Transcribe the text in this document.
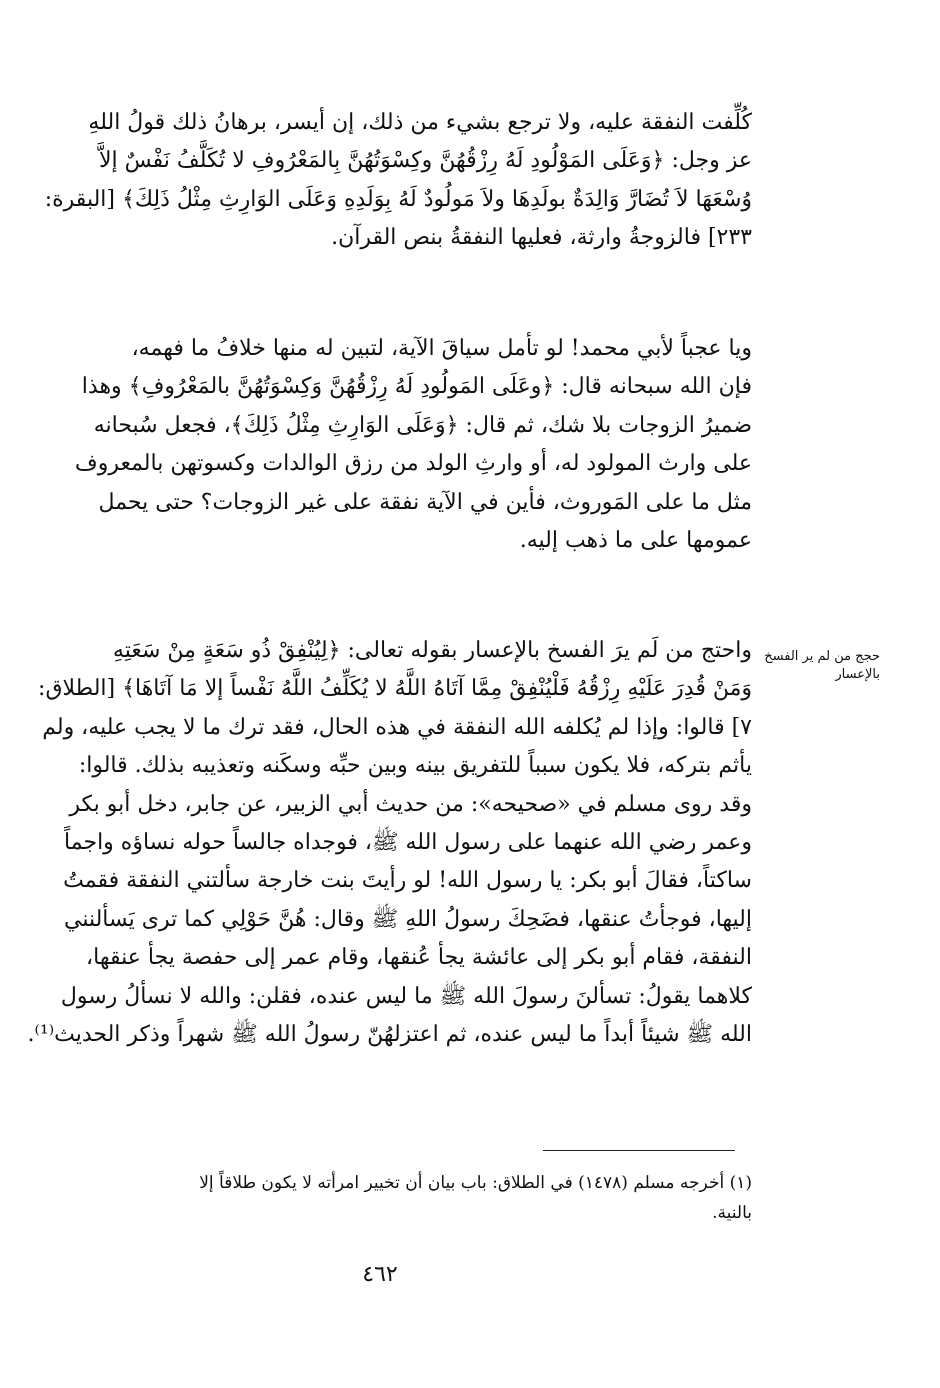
كُلِّفت النفقة عليه، ولا ترجع بشيء من ذلك، إن أيسر، برهانُ ذلك قولُ اللهِ
عز وجل: ﴿وَعَلَى المَوْلُودِ لَهُ رِزْقُهُنَّ وكِسْوَتُهُنَّ بِالمَعْرُوفِ لا تُكَلَّفُ نَفْسٌ إلاَّ
وُسْعَهَا لاَ تُضَارَّ وَالِدَةٌ بولَدِهَا ولاَ مَولُودٌ لَهُ بِوَلَدِهِ وَعَلَى الوَارِثِ مِثْلُ ذَلِكَ﴾ [البقرة:
٢٣٣] فالزوجةُ وارثة، فعليها النفقةُ بنص القرآن.
ويا عجباً لأبي محمد! لو تأمل سياقَ الآية، لتبين له منها خلافُ ما فهمه،
فإن الله سبحانه قال: ﴿وعَلَى المَولُودِ لَهُ رِزْقُهُنَّ وَكِسْوَتُهُنَّ بالمَعْرُوفِ﴾ وهذا
ضميرُ الزوجات بلا شك، ثم قال: ﴿وَعَلَى الوَارِثِ مِثْلُ ذَلِكَ﴾، فجعل سُبحانه
على وارث المولود له، أو وارثِ الولد من رزق الوالدات وكسوتهن بالمعروف
مثل ما على المَوروث، فأين في الآية نفقة على غير الزوجات؟ حتى يحمل
عمومها على ما ذهب إليه.
واحتج من لَم يرَ الفسخ بالإعسار بقوله تعالى: ﴿لِيُنْفِقْ ذُو سَعَةٍ مِنْ سَعَتِهِ
وَمَنْ قُدِرَ عَلَيْهِ رِزْقُهُ فَلْيُنْفِقْ مِمَّا آتَاهُ اللَّهُ لا يُكَلِّفُ اللَّهُ نَفْساً إلا مَا آتَاهَا﴾ [الطلاق:
٧] قالوا: وإذا لم يُكلفه الله النفقة في هذه الحال، فقد ترك ما لا يجب عليه، ولم
يأثم بتركه، فلا يكون سبباً للتفريق بينه وبين حبِّه وسكَنه وتعذيبه بذلك. قالوا:
وقد روى مسلم في «صحيحه»: من حديث أبي الزبير، عن جابر، دخل أبو بكر
وعمر رضي الله عنهما على رسول الله ﷺ، فوجداه جالساً حوله نساؤه واجماً
ساكتاً، فقالَ أبو بكر: يا رسول الله! لو رأيتَ بنت خارجة سألتني النفقة فقمتُ
إليها، فوجأتُ عنقها، فضَحِكَ رسولُ اللهِ ﷺ وقال: هُنَّ حَوْلِي كما ترى يَسألنني
النفقة، فقام أبو بكر إلى عائشة يجأ عُنقها، وقام عمر إلى حفصة يجأ عنقها،
كلاهما يقولُ: تسألنَ رسولَ الله ﷺ ما ليس عنده، فقلن: والله لا نسألُ رسول
الله ﷺ شيئاً أبداً ما ليس عنده، ثم اعتزلهُنّ رسولُ الله ﷺ شهراً وذكر الحديث⁽¹⁾.
حجج من لم ير الفسخ
بالإعسار
(١) أخرجه مسلم (١٤٧٨) في الطلاق: باب بيان أن تخيير امرأته لا يكون طلاقاً إلا
بالنية.
٤٦٢
